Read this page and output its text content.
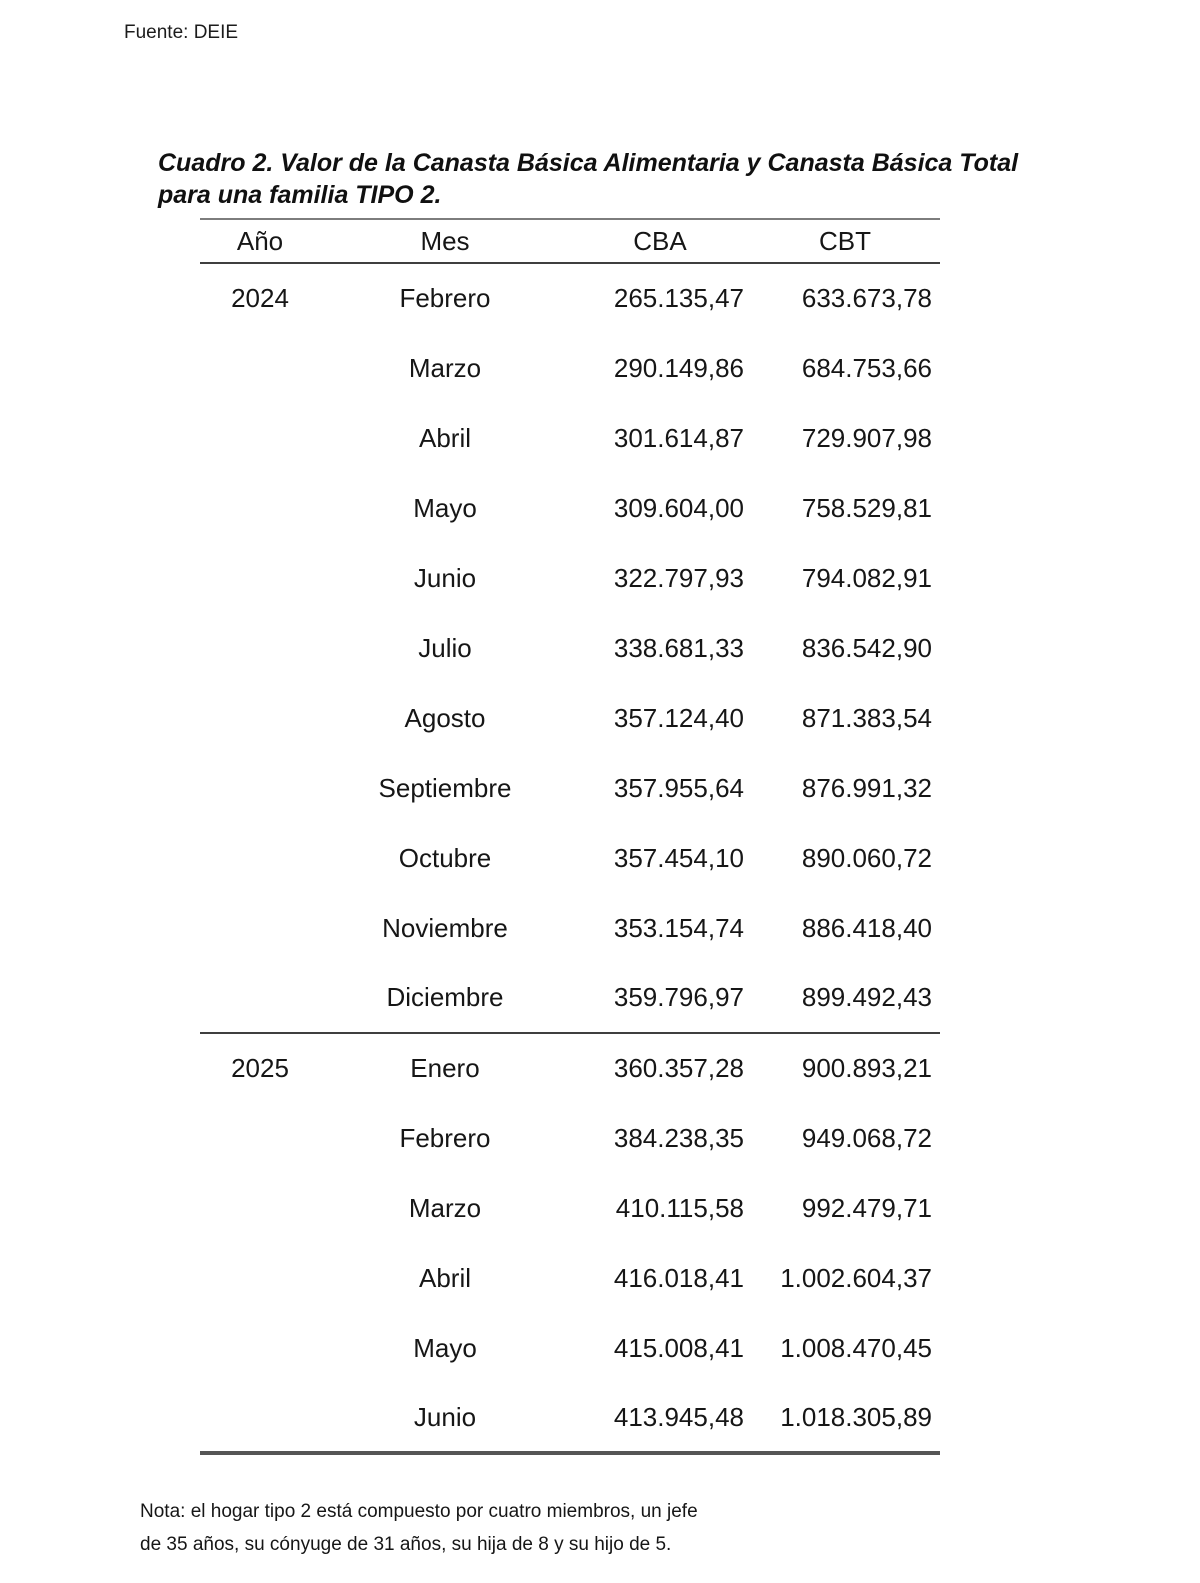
Fuente: DEIE
Cuadro 2. Valor de la Canasta Básica Alimentaria y Canasta Básica Total
para una familia TIPO 2.
Año	Mes	CBA	CBT
2024	Febrero	265.135,47	633.673,78
	Marzo	290.149,86	684.753,66
	Abril	301.614,87	729.907,98
	Mayo	309.604,00	758.529,81
	Junio	322.797,93	794.082,91
	Julio	338.681,33	836.542,90
	Agosto	357.124,40	871.383,54
	Septiembre	357.955,64	876.991,32
	Octubre	357.454,10	890.060,72
	Noviembre	353.154,74	886.418,40
	Diciembre	359.796,97	899.492,43
2025	Enero	360.357,28	900.893,21
	Febrero	384.238,35	949.068,72
	Marzo	410.115,58	992.479,71
	Abril	416.018,41	1.002.604,37
	Mayo	415.008,41	1.008.470,45
	Junio	413.945,48	1.018.305,89
Nota: el hogar tipo 2 está compuesto por cuatro miembros, un jefe
de 35 años, su cónyuge de 31 años, su hija de 8 y su hijo de 5.
